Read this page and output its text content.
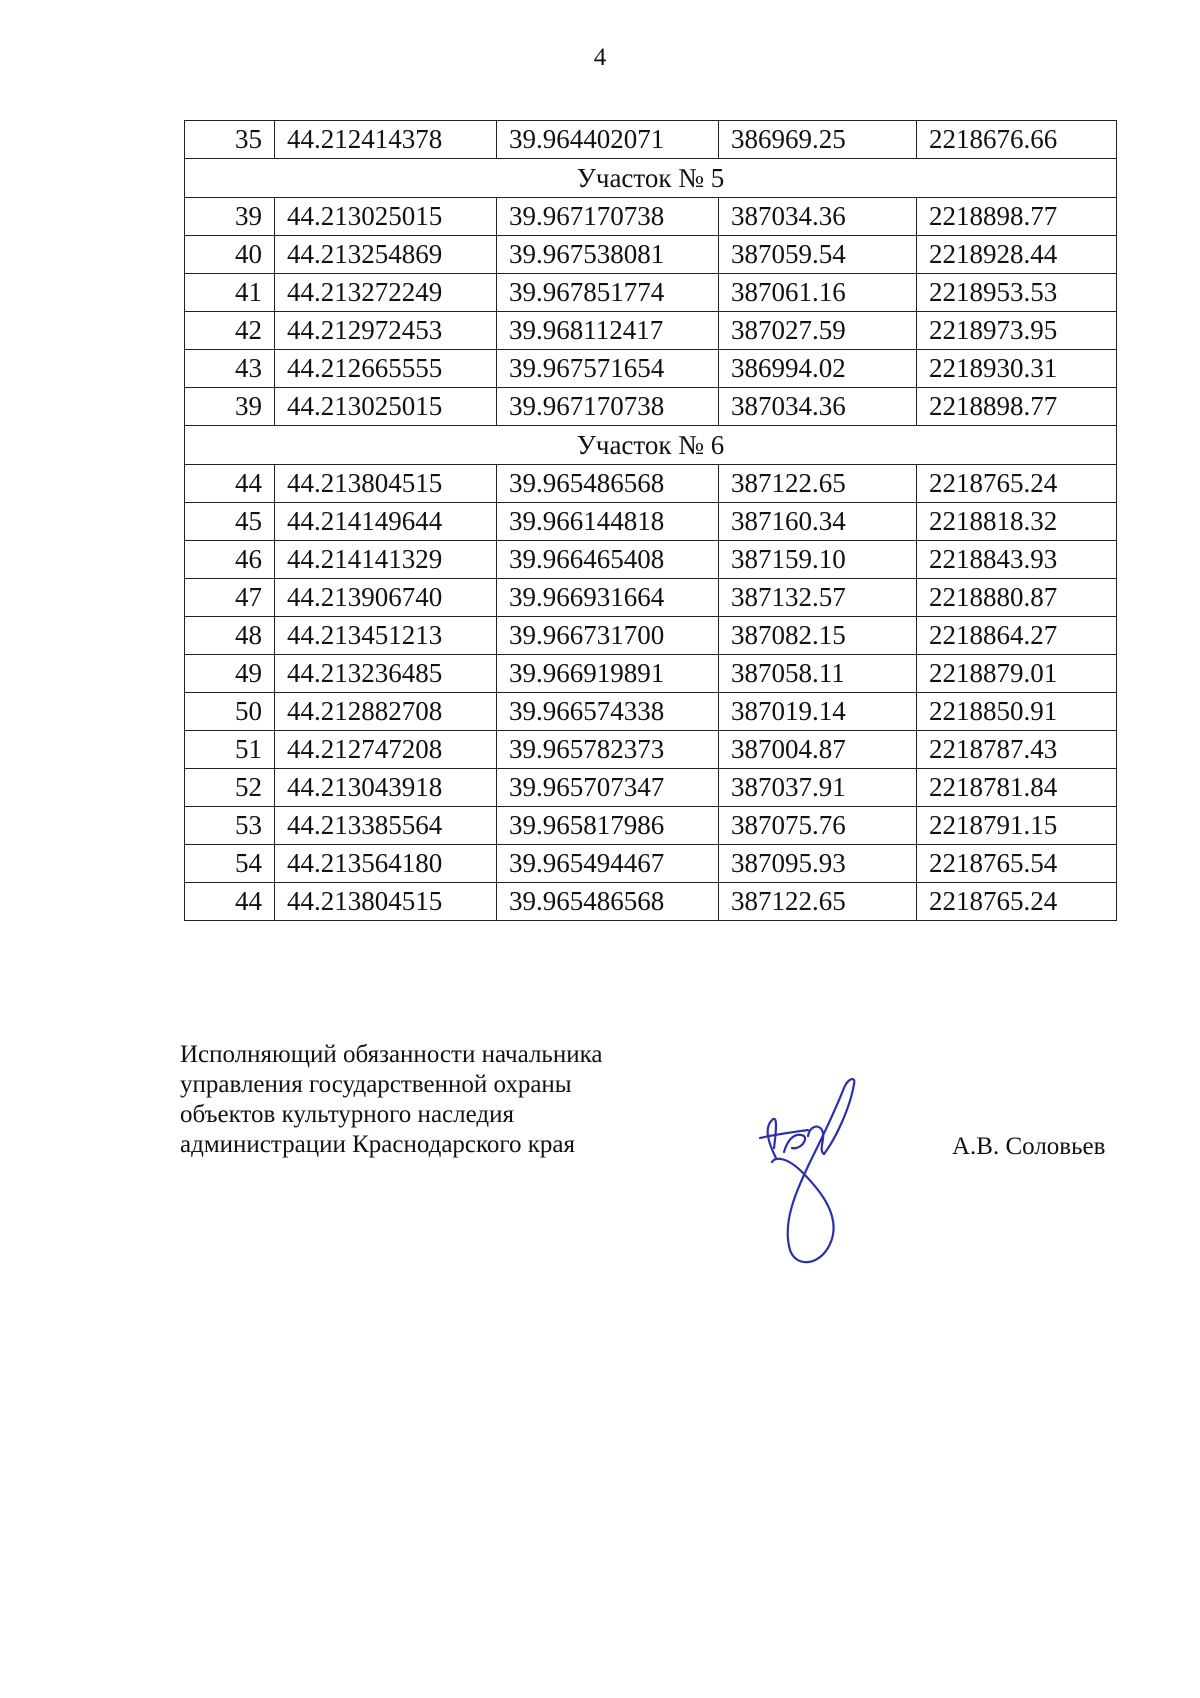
4
35	44.212414378	39.964402071	386969.25	2218676.66
Участок № 5				
39	44.213025015	39.967170738	387034.36	2218898.77
40	44.213254869	39.967538081	387059.54	2218928.44
41	44.213272249	39.967851774	387061.16	2218953.53
42	44.212972453	39.968112417	387027.59	2218973.95
43	44.212665555	39.967571654	386994.02	2218930.31
39	44.213025015	39.967170738	387034.36	2218898.77
Участок № 6				
44	44.213804515	39.965486568	387122.65	2218765.24
45	44.214149644	39.966144818	387160.34	2218818.32
46	44.214141329	39.966465408	387159.10	2218843.93
47	44.213906740	39.966931664	387132.57	2218880.87
48	44.213451213	39.966731700	387082.15	2218864.27
49	44.213236485	39.966919891	387058.11	2218879.01
50	44.212882708	39.966574338	387019.14	2218850.91
51	44.212747208	39.965782373	387004.87	2218787.43
52	44.213043918	39.965707347	387037.91	2218781.84
53	44.213385564	39.965817986	387075.76	2218791.15
54	44.213564180	39.965494467	387095.93	2218765.54
44	44.213804515	39.965486568	387122.65	2218765.24
Исполняющий обязанности начальника
управления государственной охраны
объектов культурного наследия
администрации Краснодарского края	А.В. Соловьев
